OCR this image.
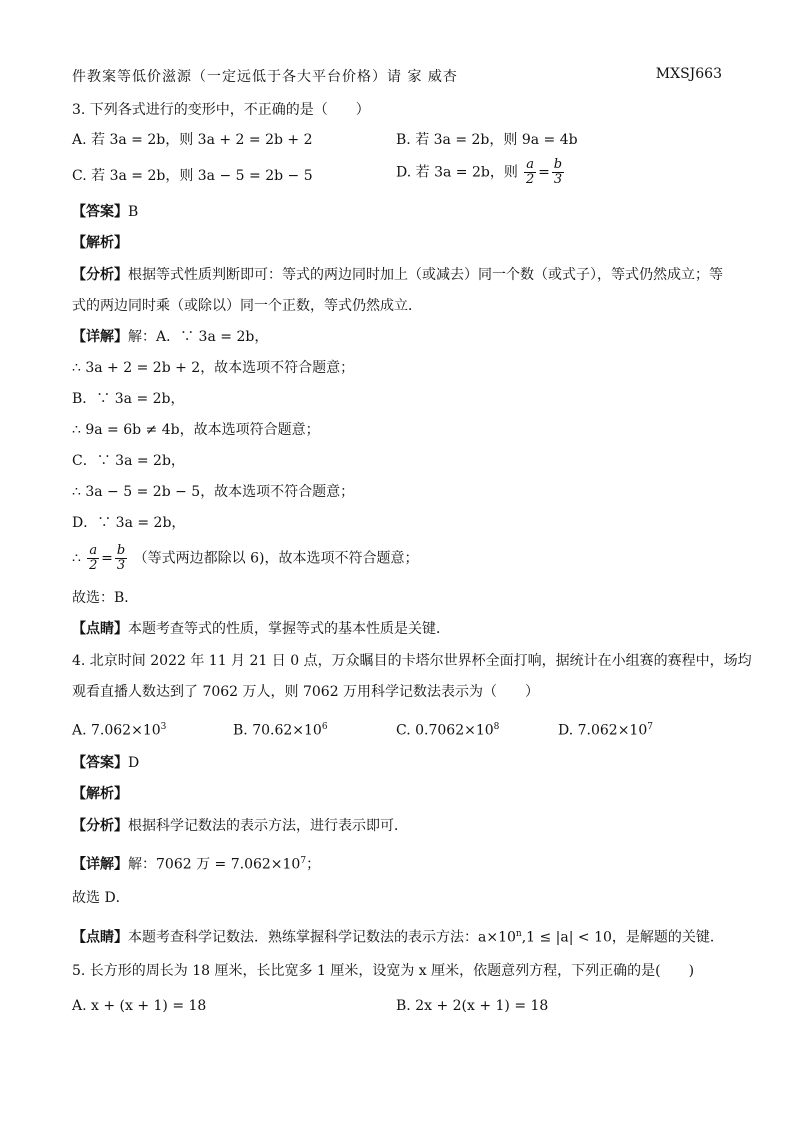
件教案等低价滋源（一定远低于各大平台价格）请 家 威杏	MXSJ663
3. 下列各式进行的变形中，不正确的是（　　）
A. 若 3a = 2b，则 3a + 2 = 2b + 2	B. 若 3a = 2b，则 9a = 4b
C. 若 3a = 2b，则 3a − 5 = 2b − 5	D. 若 3a = 2b，则 $\frac{a}{2} = \frac{b}{3}$
【答案】B
【解析】
【分析】根据等式性质判断即可：等式的两边同时加上（或减去）同一个数（或式子），等式仍然成立；等
式的两边同时乘（或除以）同一个正数，等式仍然成立．
【详解】解：A．∵ 3a = 2b，
∴ 3a + 2 = 2b + 2，故本选项不符合题意；
B．∵ 3a = 2b，
∴ 9a = 6b ≠ 4b，故本选项符合题意；
C．∵ 3a = 2b，
∴ 3a − 5 = 2b − 5，故本选项不符合题意；
D．∵ 3a = 2b，
∴ $\frac{a}{2} = \frac{b}{3}$ （等式两边都除以 6)，故本选项不符合题意；
故选：B．
【点睛】本题考查等式的性质，掌握等式的基本性质是关键．
4. 北京时间 2022 年 11 月 21 日 0 点，万众瞩目的卡塔尔世界杯全面打响，据统计在小组赛的赛程中，场均
观看直播人数达到了 7062 万人，则 7062 万用科学记数法表示为（　　）
A. $7.062\times 10^3$	B. $70.62\times 10^6$	C. $0.7062\times 10^8$	D. $7.062\times 10^7$
【答案】D
【解析】
【分析】根据科学记数法的表示方法，进行表示即可．
【详解】解：7062 万 = $7.062\times 10^7$；
故选 D．
【点睛】本题考查科学记数法．熟练掌握科学记数法的表示方法：$a\times 10^n,1 \le |a| < 10$，是解题的关键．
5. 长方形的周长为 18 厘米，长比宽多 1 厘米，设宽为 x 厘米，依题意列方程，下列正确的是(　　)
A. x + (x + 1) = 18	B. 2x + 2(x + 1) = 18
